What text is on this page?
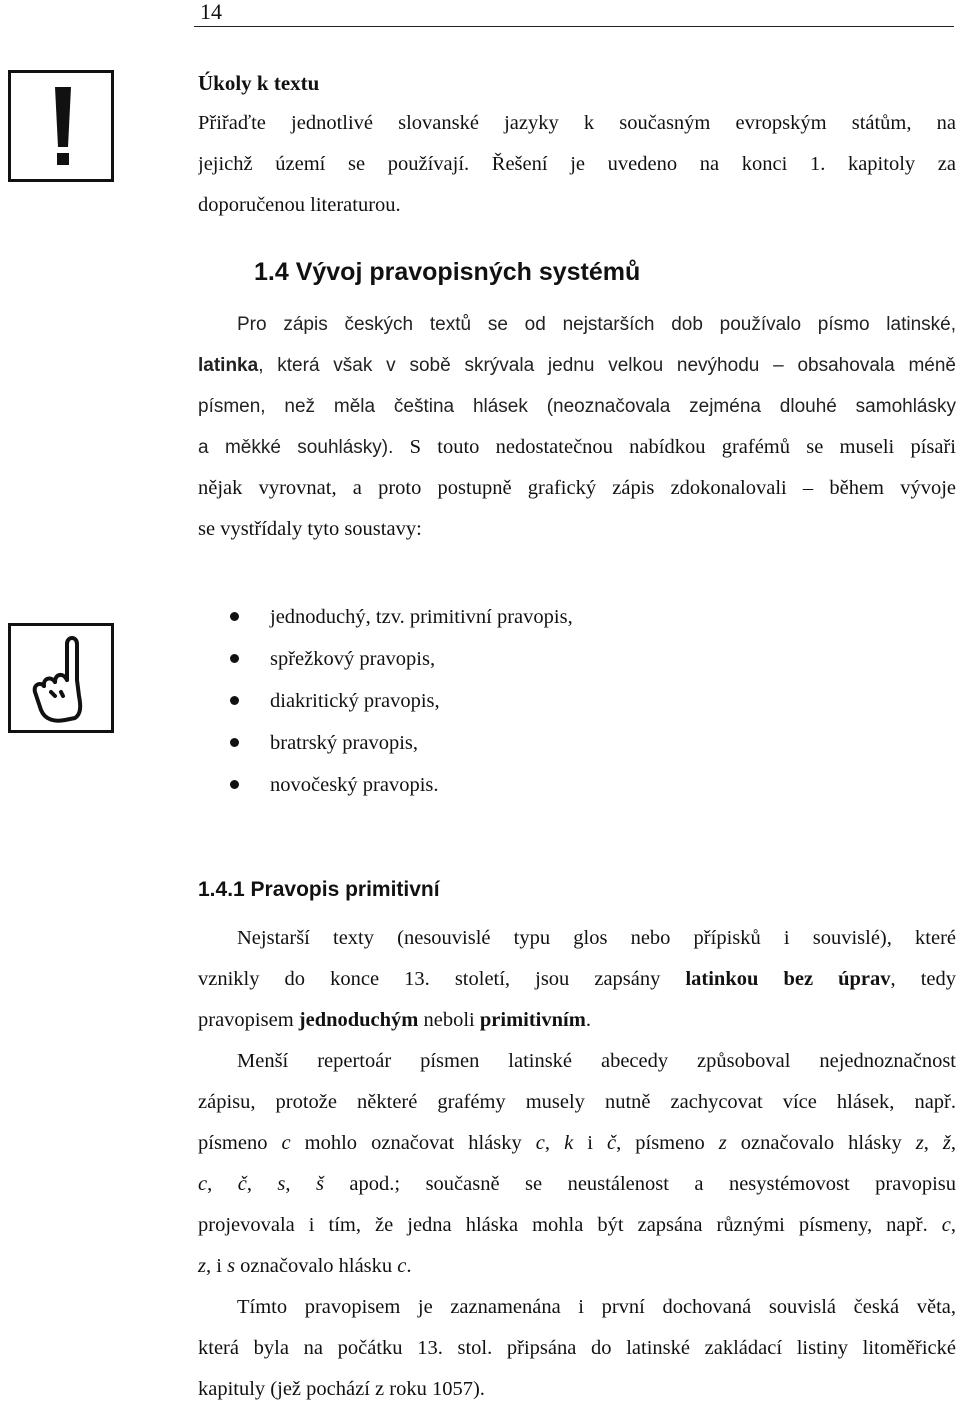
14
Úkoly k textu
Přiřaďte jednotlivé slovanské jazyky k současným evropským státům, na
jejichž území se používají. Řešení je uvedeno na konci 1. kapitoly za
doporučenou literaturou.
1.4 Vývoj pravopisných systémů
Pro zápis českých textů se od nejstarších dob používalo písmo latinské,
latinka, která však v sobě skrývala jednu velkou nevýhodu – obsahovala méně
písmen, než měla čeština hlásek (neoznačovala zejména dlouhé samohlásky
a měkké souhlásky). S touto nedostatečnou nabídkou grafémů se museli písaři
nějak vyrovnat, a proto postupně grafický zápis zdokonalovali – během vývoje
se vystřídaly tyto soustavy:
jednoduchý, tzv. primitivní pravopis,
spřežkový pravopis,
diakritický pravopis,
bratrský pravopis,
novočeský pravopis.
1.4.1 Pravopis primitivní
Nejstarší texty (nesouvislé typu glos nebo přípisků i souvislé), které
vznikly do konce 13. století, jsou zapsány latinkou bez úprav, tedy
pravopisem jednoduchým neboli primitivním.
Menší repertoár písmen latinské abecedy způsoboval nejednoznačnost
zápisu, protože některé grafémy musely nutně zachycovat více hlásek, např.
písmeno c mohlo označovat hlásky c, k i č, písmeno z označovalo hlásky z, ž,
c, č, s, š apod.; současně se neustálenost a nesystémovost pravopisu
projevovala i tím, že jedna hláska mohla být zapsána různými písmeny, např. c,
z, i s označovalo hlásku c.
Tímto pravopisem je zaznamenána i první dochovaná souvislá česká věta,
která byla na počátku 13. stol. připsána do latinské zakládací listiny litoměřické
kapituly (jež pochází z roku 1057).
